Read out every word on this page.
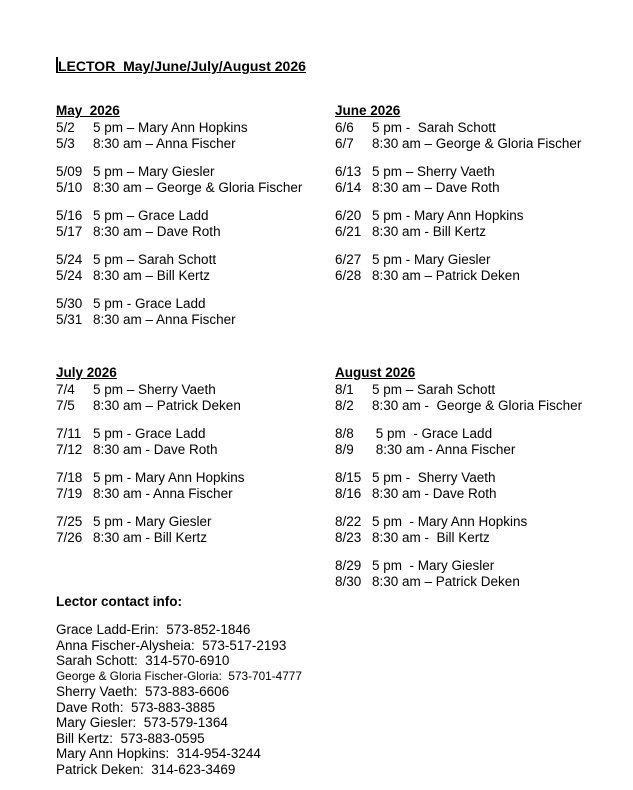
LECTOR  May/June/July/August 2026
May  2026
5/2	5 pm – Mary Ann Hopkins
5/3	8:30 am – Anna Fischer
5/09 5 pm – Mary Giesler
5/10 8:30 am – George & Gloria Fischer
5/16 5 pm – Grace Ladd
5/17 8:30 am – Dave Roth
5/24 5 pm – Sarah Schott
5/24 8:30 am – Bill Kertz
5/30 5 pm - Grace Ladd
5/31 8:30 am – Anna Fischer
June 2026
6/6	5 pm -  Sarah Schott
6/7	8:30 am – George & Gloria Fischer
6/13 5 pm – Sherry Vaeth
6/14 8:30 am – Dave Roth
6/20 5 pm - Mary Ann Hopkins
6/21 8:30 am - Bill Kertz
6/27 5 pm - Mary Giesler
6/28 8:30 am – Patrick Deken
July 2026
7/4	5 pm – Sherry Vaeth
7/5	8:30 am – Patrick Deken
7/11 5 pm - Grace Ladd
7/12 8:30 am - Dave Roth
7/18 5 pm - Mary Ann Hopkins
7/19 8:30 am - Anna Fischer
7/25 5 pm - Mary Giesler
7/26 8:30 am - Bill Kertz
August 2026
8/1	5 pm – Sarah Schott
8/2	8:30 am -  George & Gloria Fischer
8/8	5 pm  - Grace Ladd
8/9	8:30 am - Anna Fischer
8/15 5 pm -  Sherry Vaeth
8/16 8:30 am - Dave Roth
8/22 5 pm  - Mary Ann Hopkins
8/23 8:30 am -  Bill Kertz
8/29 5 pm  - Mary Giesler
8/30 8:30 am – Patrick Deken
Lector contact info:
Grace Ladd-Erin:  573-852-1846
Anna Fischer-Alysheia:  573-517-2193
Sarah Schott:  314-570-6910
George & Gloria Fischer-Gloria:  573-701-4777
Sherry Vaeth:  573-883-6606
Dave Roth:  573-883-3885
Mary Giesler:  573-579-1364
Bill Kertz:  573-883-0595
Mary Ann Hopkins:  314-954-3244
Patrick Deken:  314-623-3469
